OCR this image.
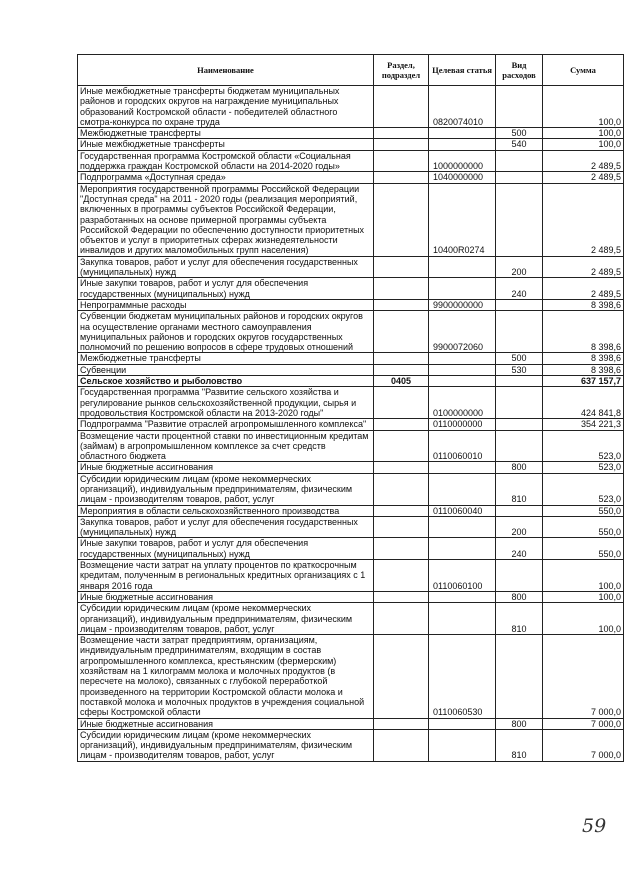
Наименование	Раздел, подраздел	Целевая статья	Вид расходов	Сумма
Иные межбюджетные трансферты бюджетам муниципальных районов и городских округов на награждение муниципальных образований Костромской области - победителей областного смотра-конкурса по охране труда		0820074010		100,0
Межбюджетные трансферты			500	100,0
Иные межбюджетные трансферты			540	100,0
Государственная программа Костромской области «Социальная поддержка граждан Костромской области на 2014-2020 годы»		1000000000		2 489,5
Подпрограмма «Доступная среда»		1040000000		2 489,5
Мероприятия государственной программы Российской Федерации "Доступная среда" на 2011 - 2020 годы (реализация мероприятий, включенных в программы субъектов Российской Федерации, разработанных на основе примерной программы субъекта Российской Федерации по обеспечению доступности приоритетных объектов и услуг в приоритетных сферах жизнедеятельности инвалидов и других маломобильных групп населения)		10400R0274		2 489,5
Закупка товаров, работ и услуг для обеспечения государственных (муниципальных) нужд			200	2 489,5
Иные закупки товаров, работ и услуг для обеспечения государственных (муниципальных) нужд			240	2 489,5
Непрограммные расходы		9900000000		8 398,6
Субвенции бюджетам муниципальных районов и городских округов на осуществление органами местного самоуправления муниципальных районов и городских округов государственных полномочий по решению вопросов в сфере трудовых отношений		9900072060		8 398,6
Межбюджетные трансферты			500	8 398,6
Субвенции			530	8 398,6
Сельское хозяйство и рыболовство	0405			637 157,7
Государственная программа "Развитие сельского хозяйства и регулирование рынков сельскохозяйственной продукции, сырья и продовольствия Костромской области на 2013-2020 годы"		0100000000		424 841,8
Подпрограмма "Развитие отраслей агропромышленного комплекса"		0110000000		354 221,3
Возмещение части процентной ставки по инвестиционным кредитам (займам) в агропромышленном комплексе за счет средств областного бюджета		0110060010		523,0
Иные бюджетные ассигнования			800	523,0
Субсидии юридическим лицам (кроме некоммерческих организаций), индивидуальным предпринимателям, физическим лицам - производителям товаров, работ, услуг			810	523,0
Мероприятия в области сельскохозяйственного производства		0110060040		550,0
Закупка товаров, работ и услуг для обеспечения государственных (муниципальных) нужд			200	550,0
Иные закупки товаров, работ и услуг для обеспечения государственных (муниципальных) нужд			240	550,0
Возмещение части затрат на уплату процентов по краткосрочным кредитам, полученным в региональных кредитных организациях с 1 января 2016 года		0110060100		100,0
Иные бюджетные ассигнования			800	100,0
Субсидии юридическим лицам (кроме некоммерческих организаций), индивидуальным предпринимателям, физическим лицам - производителям товаров, работ, услуг			810	100,0
Возмещение части затрат предприятиям, организациям, индивидуальным предпринимателям, входящим в состав агропромышленного комплекса, крестьянским (фермерским) хозяйствам на 1 килограмм молока и молочных продуктов (в пересчете на молоко), связанных с глубокой переработкой произведенного на территории Костромской области молока и поставкой молока и молочных продуктов в учреждения социальной сферы Костромской области		0110060530		7 000,0
Иные бюджетные ассигнования			800	7 000,0
Субсидии юридическим лицам (кроме некоммерческих организаций), индивидуальным предпринимателям, физическим лицам - производителям товаров, работ, услуг			810	7 000,0
59
